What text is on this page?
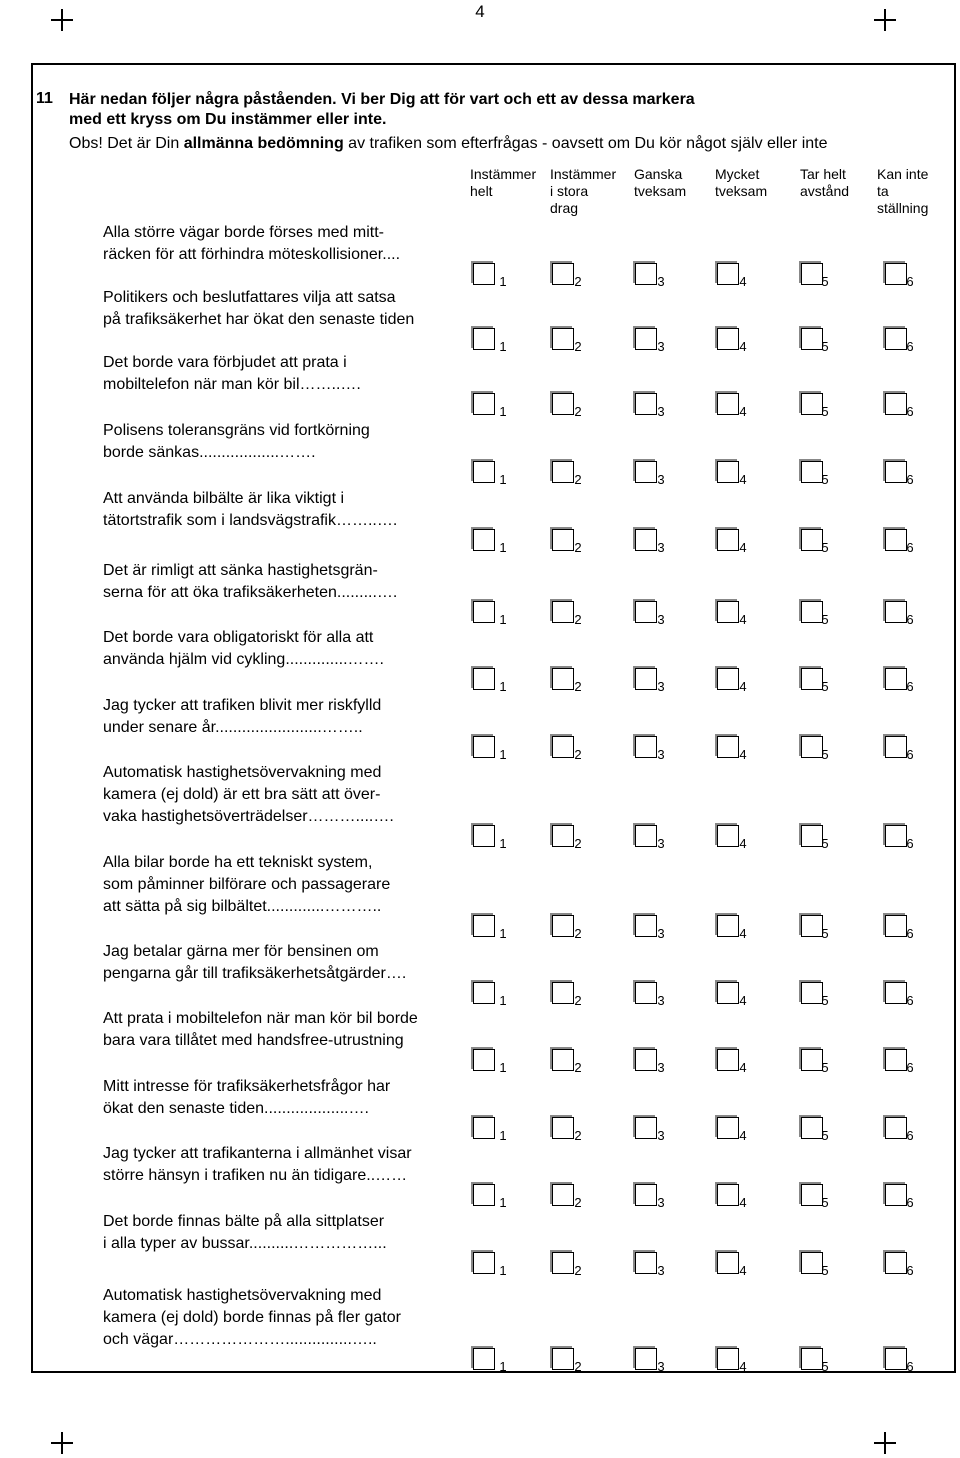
4
11 Här nedan följer några påståenden. Vi ber Dig att för vart och ett av dessa markera
med ett kryss om Du instämmer eller inte.
Obs! Det är Din allmänna bedömning av trafiken som efterfrågas - oavsett om Du kör något själv eller inte
Instämmer
helt
Instämmer
i stora
drag
Ganska
tveksam
Mycket
tveksam
Tar helt
avstånd
Kan inte
ta
ställning
Alla större vägar borde förses med mitt-
räcken för att förhindra möteskollisioner....
1	2	3	4	5	6
Politikers och beslutfattares vilja att satsa
på trafiksäkerhet har ökat den senaste tiden
1	2	3	4	5	6
Det borde vara förbjudet att prata i
mobiltelefon när man kör bil……..….
1	2	3	4	5	6
Polisens toleransgräns vid fortkörning
borde sänkas..................…….
1	2	3	4	5	6
Att använda bilbälte är lika viktigt i
tätortstrafik som i landsvägstrafik……..….
1	2	3	4	5	6
Det är rimligt att sänka hastighetsgrän-
serna för att öka trafiksäkerheten.........….
1	2	3	4	5	6
Det borde vara obligatoriskt för alla att
använda hjälm vid cykling..............…….
1	2	3	4	5	6
Jag tycker att trafiken blivit mer riskfylld
under senare år........................……..
1	2	3	4	5	6
Automatisk hastighetsövervakning med
kamera (ej dold) är ett bra sätt att över-
vaka hastighetsöverträdelser………....….
1	2	3	4	5	6
Alla bilar borde ha ett tekniskt system,
som påminner bilförare och passagerare
att sätta på sig bilbältet.............………..
1	2	3	4	5	6
Jag betalar gärna mer för bensinen om
pengarna går till trafiksäkerhetsåtgärder….
1	2	3	4	5	6
Att prata i mobiltelefon när man kör bil borde
bara vara tillåtet med handsfree-utrustning
1	2	3	4	5	6
Mitt intresse för trafiksäkerhetsfrågor har
ökat den senaste tiden...................….
1	2	3	4	5	6
Jag tycker att trafikanterna i allmänhet visar
större hänsyn i trafiken nu än tidigare..……
1	2	3	4	5	6
Det borde finnas bälte på alla sittplatser
i alla typer av bussar..........……………...
1	2	3	4	5	6
Automatisk hastighetsövervakning med
kamera (ej dold) borde finnas på fler gator
och vägar…………………...............…..
1	2	3	4	5	6
